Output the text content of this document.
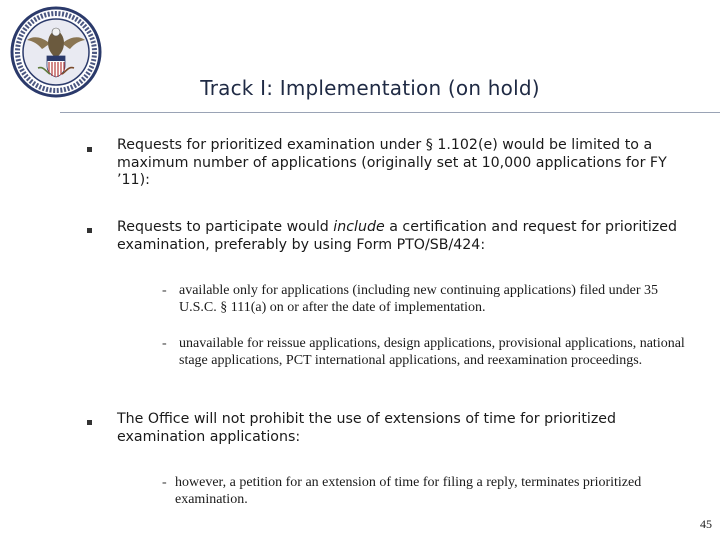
Track I: Implementation (on hold)
Requests for prioritized examination under § 1.102(e) would be limited to a maximum number of applications (originally set at 10,000 applications for FY ’11):
Requests to participate would include a certification and request for prioritized examination, preferably by using Form PTO/SB/424:
- available only for applications (including new continuing applications) filed under 35 U.S.C. § 111(a) on or after the date of implementation.
- unavailable for reissue applications, design applications, provisional applications, national stage applications, PCT international applications, and reexamination proceedings.
The Office will not prohibit the use of extensions of time for prioritized examination applications:
- however, a petition for an extension of time for filing a reply, terminates prioritized examination.
45
